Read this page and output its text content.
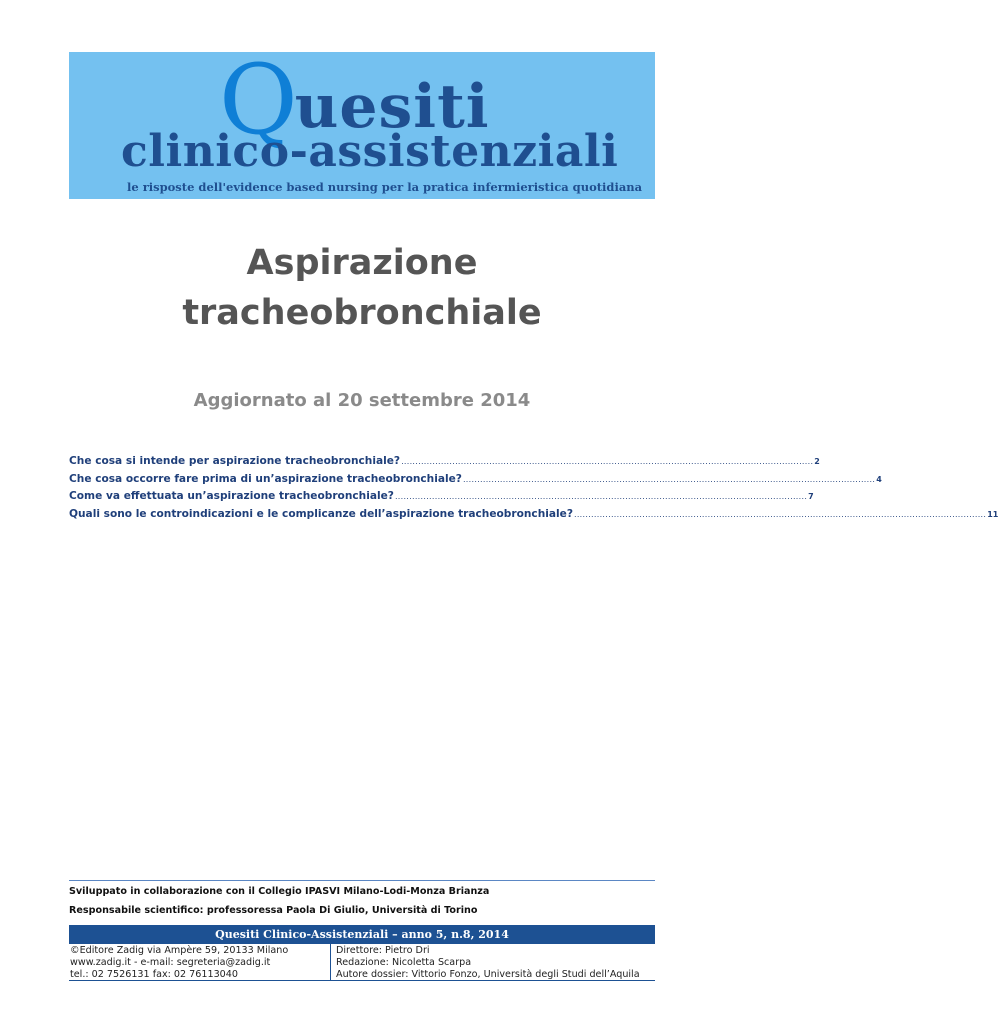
Quesiti
clinico-assistenziali
le risposte dell'evidence based nursing per la pratica infermieristica quotidiana
Aspirazione
tracheobronchiale
Aggiornato al 20 settembre 2014
Che cosa si intende per aspirazione tracheobronchiale? ................................................................................................................................................. 2
Che cosa occorre fare prima di un’aspirazione tracheobronchiale? ................................................................................................................................................. 4
Come va effettuata un’aspirazione tracheobronchiale? ................................................................................................................................................. 7
Quali sono le controindicazioni e le complicanze dell’aspirazione tracheobronchiale? ................................................................................................................................................. 11
Sviluppato in collaborazione con il Collegio IPASVI Milano-Lodi-Monza Brianza
Responsabile scientifico: professoressa Paola Di Giulio, Università di Torino
Quesiti Clinico-Assistenziali – anno 5, n.8, 2014
©Editore Zadig via Ampère 59, 20133 Milano
www.zadig.it - e-mail: segreteria@zadig.it
tel.: 02 7526131 fax: 02 76113040
Direttore: Pietro Dri
Redazione: Nicoletta Scarpa
Autore dossier: Vittorio Fonzo, Università degli Studi dell’Aquila
